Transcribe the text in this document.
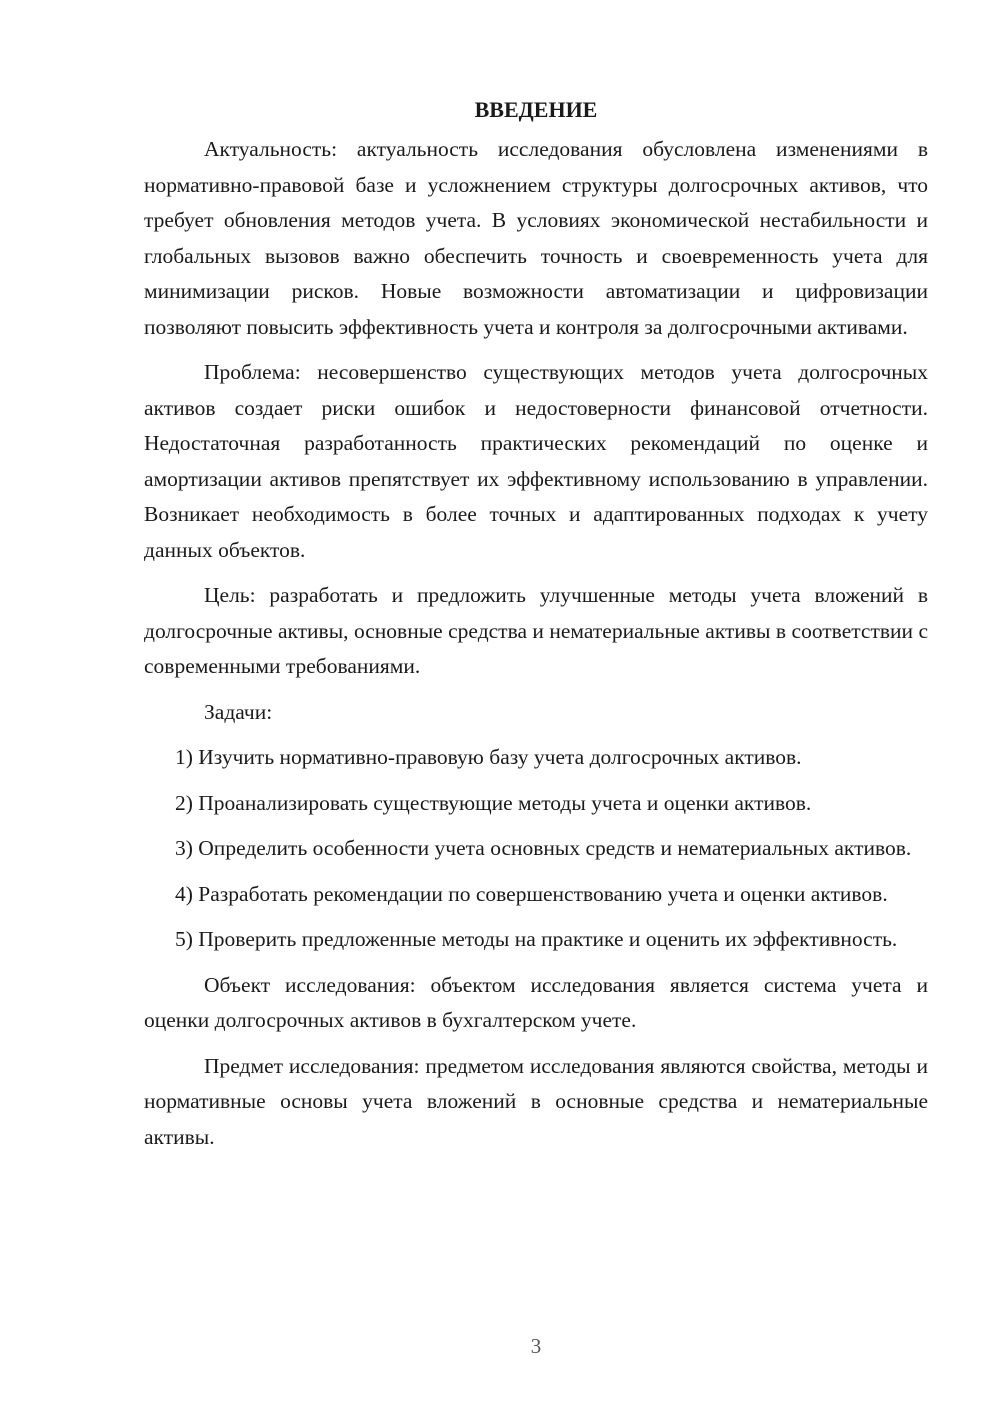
ВВЕДЕНИЕ

Актуальность: актуальность исследования обусловлена изменениями в нормативно-правовой базе и усложнением структуры долгосрочных активов, что требует обновления методов учета. В условиях экономической нестабильности и глобальных вызовов важно обеспечить точность и своевременность учета для минимизации рисков. Новые возможности автоматизации и цифровизации позволяют повысить эффективность учета и контроля за долгосрочными активами.

Проблема: несовершенство существующих методов учета долгосрочных активов создает риски ошибок и недостоверности финансовой отчетности. Недостаточная разработанность практических рекомендаций по оценке и амортизации активов препятствует их эффективному использованию в управлении. Возникает необходимость в более точных и адаптированных подходах к учету данных объектов.

Цель: разработать и предложить улучшенные методы учета вложений в долгосрочные активы, основные средства и нематериальные активы в соответствии с современными требованиями.

Задачи:

1) Изучить нормативно-правовую базу учета долгосрочных активов.

2) Проанализировать существующие методы учета и оценки активов.

3) Определить особенности учета основных средств и нематериальных активов.

4) Разработать рекомендации по совершенствованию учета и оценки активов.

5) Проверить предложенные методы на практике и оценить их эффективность.

Объект исследования: объектом исследования является система учета и оценки долгосрочных активов в бухгалтерском учете.

Предмет исследования: предметом исследования являются свойства, методы и нормативные основы учета вложений в основные средства и нематериальные активы.

3
